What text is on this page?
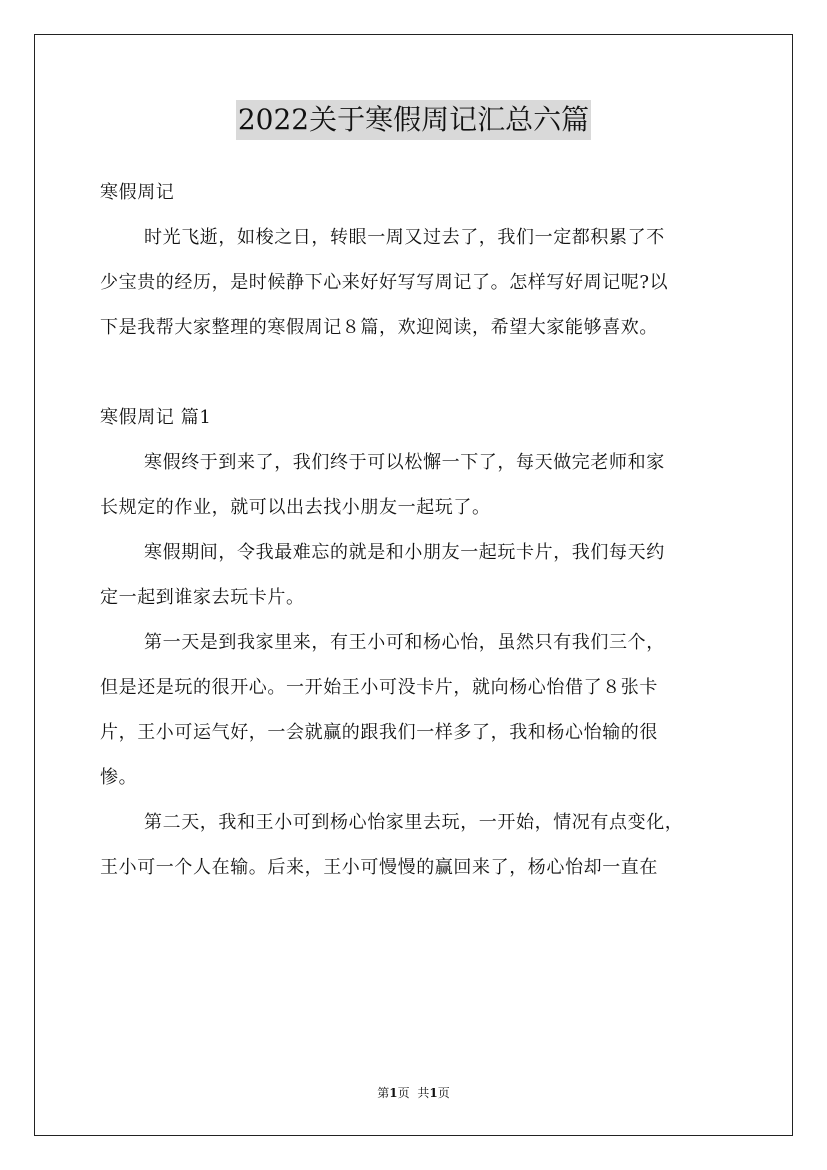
2022关于寒假周记汇总六篇
寒假周记
时光飞逝，如梭之日，转眼一周又过去了，我们一定都积累了不
少宝贵的经历，是时候静下心来好好写写周记了。怎样写好周记呢?以
下是我帮大家整理的寒假周记８篇，欢迎阅读，希望大家能够喜欢。
寒假周记 篇1
寒假终于到来了，我们终于可以松懈一下了，每天做完老师和家
长规定的作业，就可以出去找小朋友一起玩了。
寒假期间，令我最难忘的就是和小朋友一起玩卡片，我们每天约
定一起到谁家去玩卡片。
第一天是到我家里来，有王小可和杨心怡，虽然只有我们三个，
但是还是玩的很开心。一开始王小可没卡片，就向杨心怡借了８张卡
片，王小可运气好，一会就赢的跟我们一样多了，我和杨心怡输的很
惨。
第二天，我和王小可到杨心怡家里去玩，一开始，情况有点变化，
王小可一个人在输。后来，王小可慢慢的赢回来了，杨心怡却一直在
第1页 共1页
